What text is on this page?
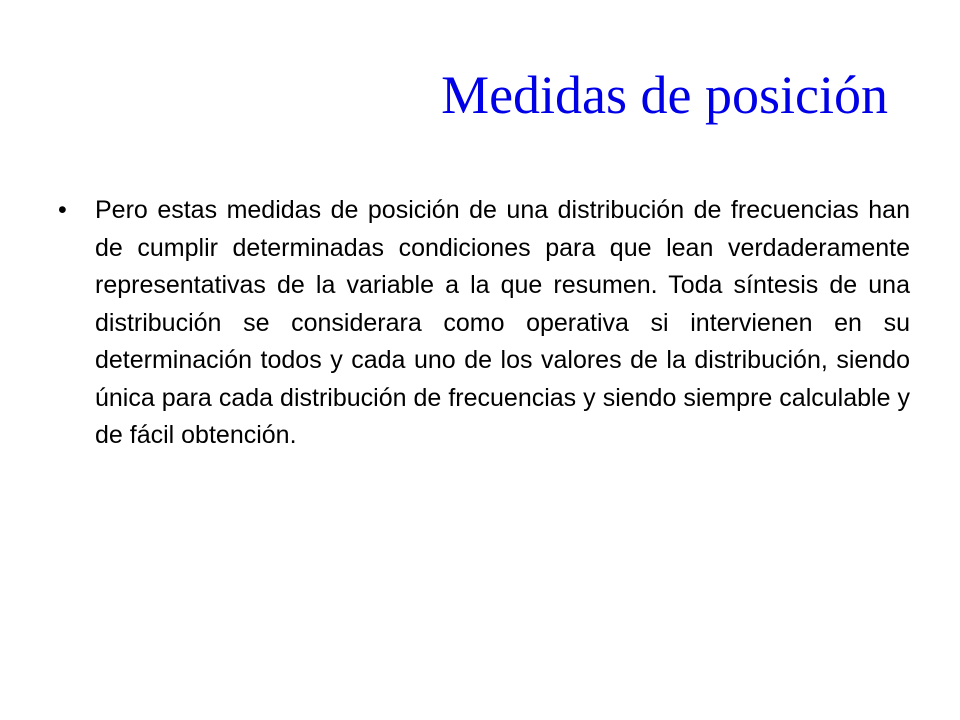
Medidas de posición
•	Pero estas medidas de posición de una distribución de frecuencias han de cumplir determinadas condiciones para que lean verdaderamente representativas de la variable a la que resumen. Toda síntesis de una distribución se considerara como operativa si intervienen en su determinación todos y cada uno de los valores de la distribución, siendo única para cada distribución de frecuencias y siendo siempre calculable y de fácil obtención.
